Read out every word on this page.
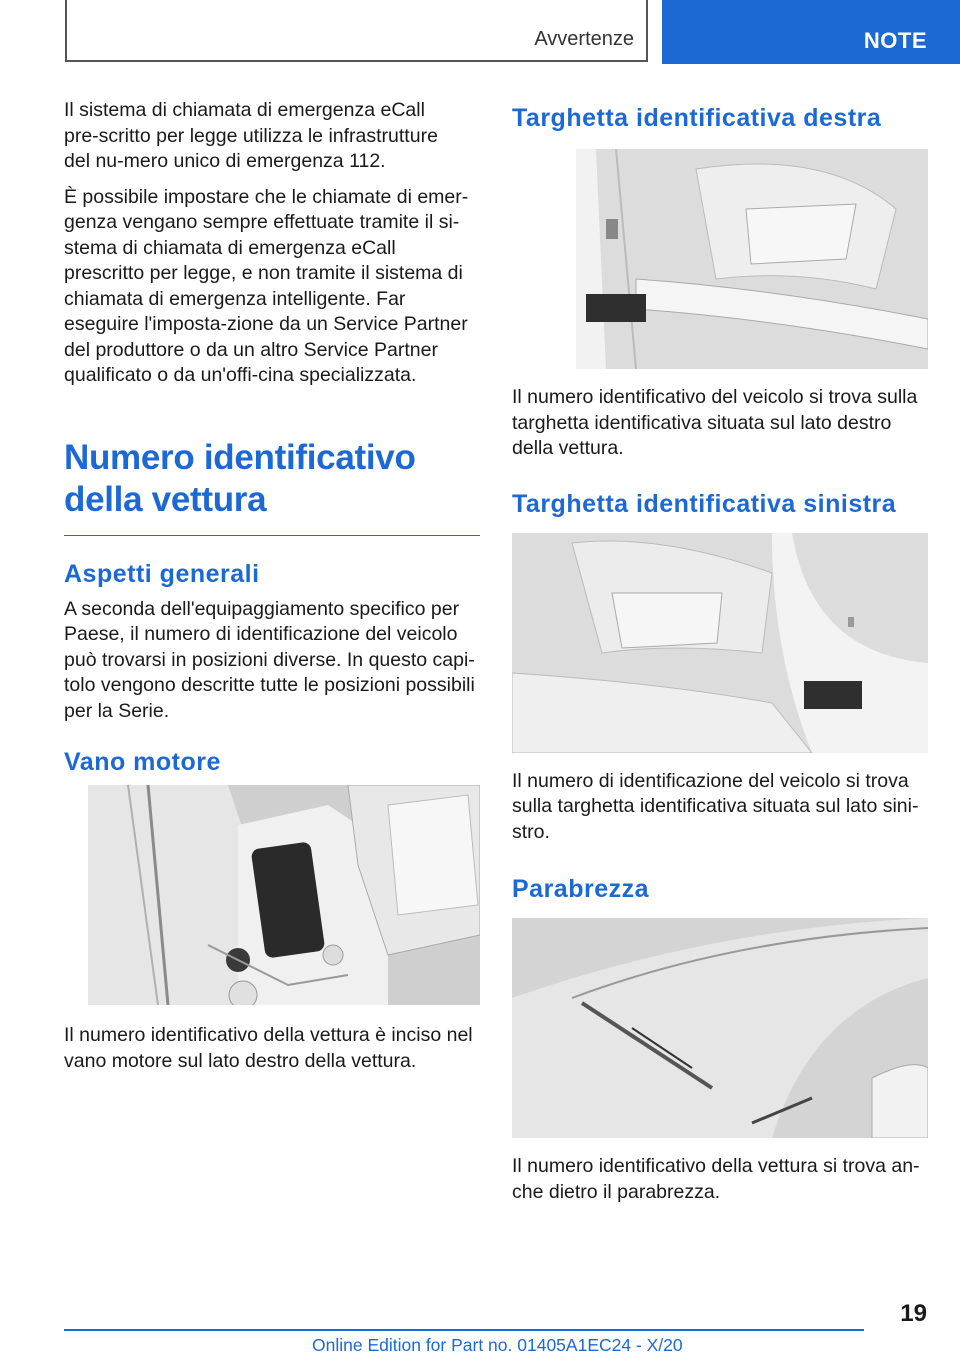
Avvertenze	NOTE

Il sistema di chiamata di emergenza eCall pre-scritto per legge utilizza le infrastrutture del nu-mero unico di emergenza 112.

È possibile impostare che le chiamate di emer-genza vengano sempre effettuate tramite il si-stema di chiamata di emergenza eCall prescritto per legge, e non tramite il sistema di chiamata di emergenza intelligente. Far eseguire l'imposta-zione da un Service Partner del produttore o da un altro Service Partner qualificato o da un'offi-cina specializzata.

Numero identificativo della vettura
Aspetti generali

A seconda dell'equipaggiamento specifico per Paese, il numero di identificazione del veicolo può trovarsi in posizioni diverse. In questo capi-tolo vengono descritte tutte le posizioni possibili per la Serie.

Vano motore

Il numero identificativo della vettura è inciso nel vano motore sul lato destro della vettura.

Targhetta identificativa destra

Il numero identificativo del veicolo si trova sulla targhetta identificativa situata sul lato destro della vettura.

Targhetta identificativa sinistra

Il numero di identificazione del veicolo si trova sulla targhetta identificativa situata sul lato sini-stro.

Parabrezza

Il numero identificativo della vettura si trova an-che dietro il parabrezza.

19
Online Edition for Part no. 01405A1EC24 - X/20
